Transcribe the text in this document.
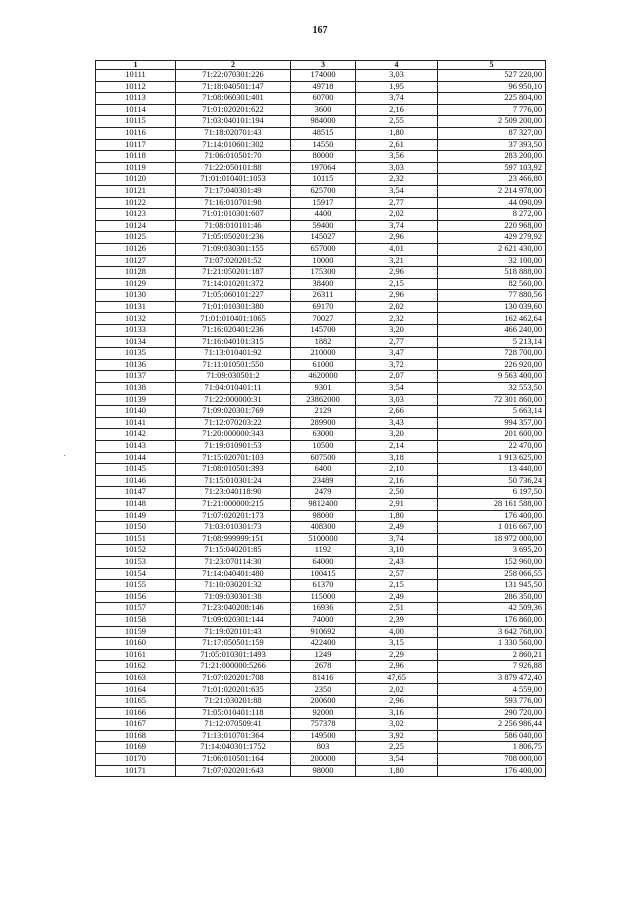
167
1	2	3	4	5
10111	71:22:070301:226	174000	3,03	527 220,00
10112	71:18:040501:147	49718	1,95	96 950,10
10113	71:08:060301:401	60700	3,74	225 804,00
10114	71:01:020201:622	3600	2,16	7 776,00
10115	71:03:040101:194	984000	2,55	2 509 200,00
10116	71:18:020701:43	48515	1,80	87 327,00
10117	71:14:010601:302	14550	2,61	37 393,50
10118	71:06:010501:70	80000	3,56	283 200,00
10119	71:22:050101:88	197064	3,03	597 103,92
10120	71:01:010401:1053	10115	2,32	23 466,80
10121	71:17:040301:49	625700	3,54	2 214 978,00
10122	71:16:010701:98	15917	2,77	44 090,09
10123	71:01:010301:607	4400	2,02	8 272,00
10124	71:08:010101:46	59400	3,74	220 968,00
10125	71:05:050201:236	145027	2,96	429 279,92
10126	71:09:030301:155	657000	4,01	2 621 430,00
10127	71:07:020201:52	10000	3,21	32 100,00
10128	71:21:050201:187	175300	2,96	518 888,00
10129	71:14:010201:372	38400	2,15	82 560,00
10130	71:05:060101:227	26311	2,96	77 880,56
10131	71:01:010301:380	69170	2,02	130 039,60
10132	71:01:010401:1065	70027	2,32	162 462,64
10133	71:16:020401:236	145700	3,20	466 240,00
10134	71:16:040101:315	1882	2,77	5 213,14
10135	71:13:010401:92	210000	3,47	728 700,00
10136	71:11:010501:550	61000	3,72	226 920,00
10137	71:09:030501:2	4620000	2,07	9 563 400,00
10138	71:04:010401:11	9301	3,54	32 553,50
10139	71:22:000000:31	23862000	3,03	72 301 860,00
10140	71:09:020301:769	2129	2,66	5 663,14
10141	71:12:070203:22	289900	3,43	994 357,00
10142	71:20:000000:343	63000	3,20	201 600,00
10143	71:19:010901:53	10500	2,14	22 470,00
10144	71:15:020701:103	607500	3,18	1 913 625,00
10145	71:08:010501:393	6400	2,10	13 440,00
10146	71:15:010301:24	23489	2,16	50 736,24
10147	71:23:040118:90	2479	2,50	6 197,50
10148	71:21:000000:215	9812400	2,91	28 161 588,00
10149	71:07:020201:173	98000	1,80	176 400,00
10150	71:03:010301:73	408300	2,49	1 016 667,00
10151	71:08:999999:151	5100000	3,74	18 972 000,00
10152	71:15:040201:85	1192	3,10	3 695,20
10153	71:23:070114:30	64000	2,43	152 960,00
10154	71:14:040401:480	100415	2,57	258 066,55
10155	71:10:030201:32	61370	2,15	131 945,50
10156	71:09:030301:38	115000	2,49	286 350,00
10157	71:23:040208:146	16936	2,51	42 509,36
10158	71:09:020301:144	74000	2,39	176 860,00
10159	71:19:020101:43	910692	4,00	3 642 768,00
10160	71:17:050501:159	422400	3,15	1 330 560,00
10161	71:05:010301:1493	1249	2,29	2 860,21
10162	71:21:000000:5266	2678	2,96	7 926,88
10163	71:07:020201:708	81416	47,65	3 879 472,40
10164	71:01:020201:635	2350	2,02	4 559,00
10165	71:21:030201:88	200600	2,96	593 776,00
10166	71:05:010401:118	92000	3,16	290 720,00
10167	71:12:070509:41	757378	3,02	2 256 986,44
10168	71:13:010701:364	149500	3,92	586 040,00
10169	71:14:040301:1752	803	2,25	1 806,75
10170	71:06:010501:164	200000	3,54	708 000,00
10171	71:07:020201:643	98000	1,80	176 400,00
